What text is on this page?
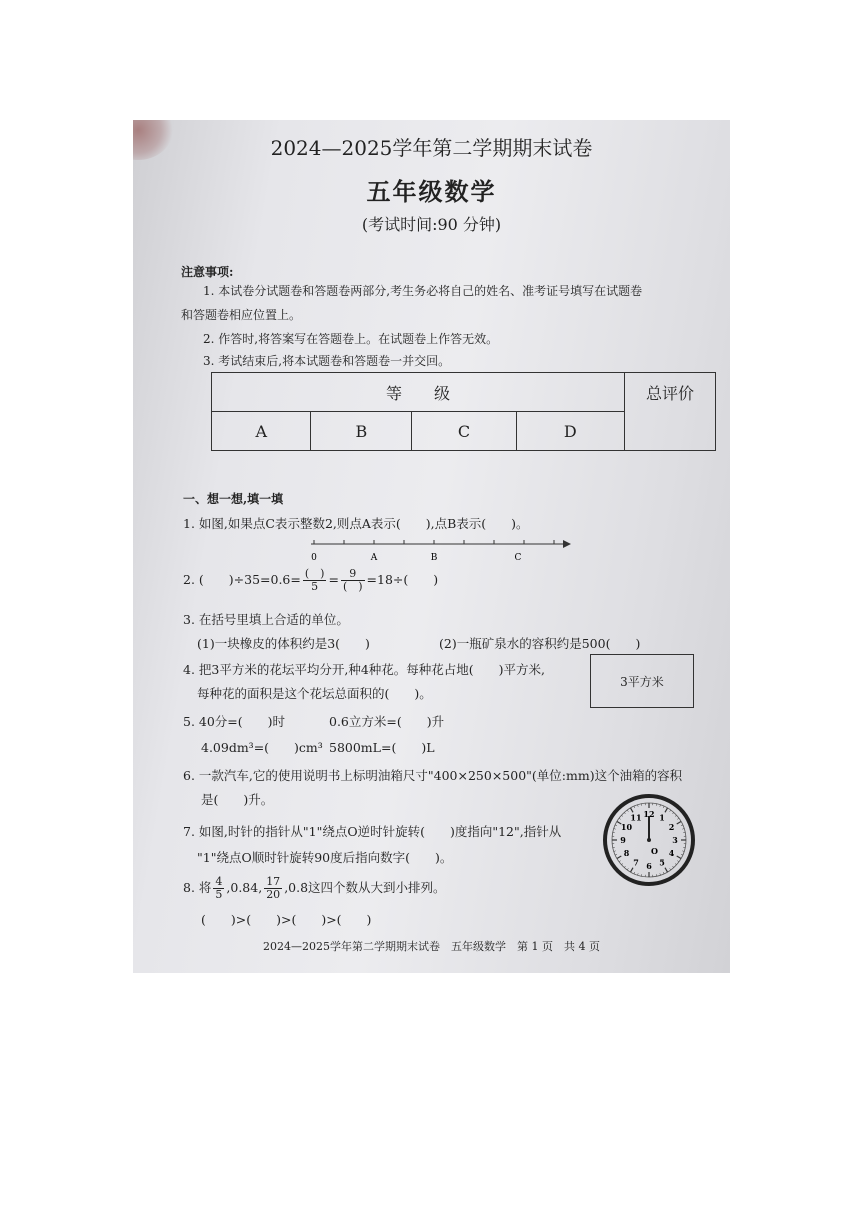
2024—2025学年第二学期期末试卷
五年级数学
(考试时间:90 分钟)
注意事项:
1. 本试卷分试题卷和答题卷两部分,考生务必将自己的姓名、准考证号填写在试题卷
和答题卷相应位置上。
2. 作答时,将答案写在答题卷上。在试题卷上作答无效。
3. 考试结束后,将本试题卷和答题卷一并交回。
等　　级				总评价
A	B	C	D	
一、想一想,填一填
1. 如图,如果点C表示整数2,则点A表示(　　),点B表示(　　)。
0	A	B	C
2. (　　)$\div 35=0.6= \frac{( )}{5} = \frac{9}{( )} =18\div$(　　)
3. 在括号里填上合适的单位。
(1)一块橡皮的体积约是3(　　)	(2)一瓶矿泉水的容积约是500(　　)
4. 把3平方米的花坛平均分开,种4种花。每种花占地(　　)平方米,
每种花的面积是这个花坛总面积的(　　)。
3平方米
5. 40分=(　　)时	0.6立方米=(　　)升
4.09dm³=(　　)cm³ 5800mL=(　　)L
6. 一款汽车,它的使用说明书上标明油箱尺寸"400×250×500"(单位:mm)这个油箱的容积
是(　　)升。
7. 如图,时针的指针从"1"绕点O逆时针旋转(　　)度指向"12",指针从
"1"绕点O顺时针旋转90度后指向数字(　　)。
12 1
2
3
4
5
6
7
8
9
10
11
O
8. 将 $\frac{4}{5} ,0.84$, $\frac{17}{20}$ ,0.8̇这四个数从大到小排列。
(　　)>(　　)>(　　)>(　　)
2024—2025学年第二学期期末试卷　五年级数学　第 1 页　共 4 页
